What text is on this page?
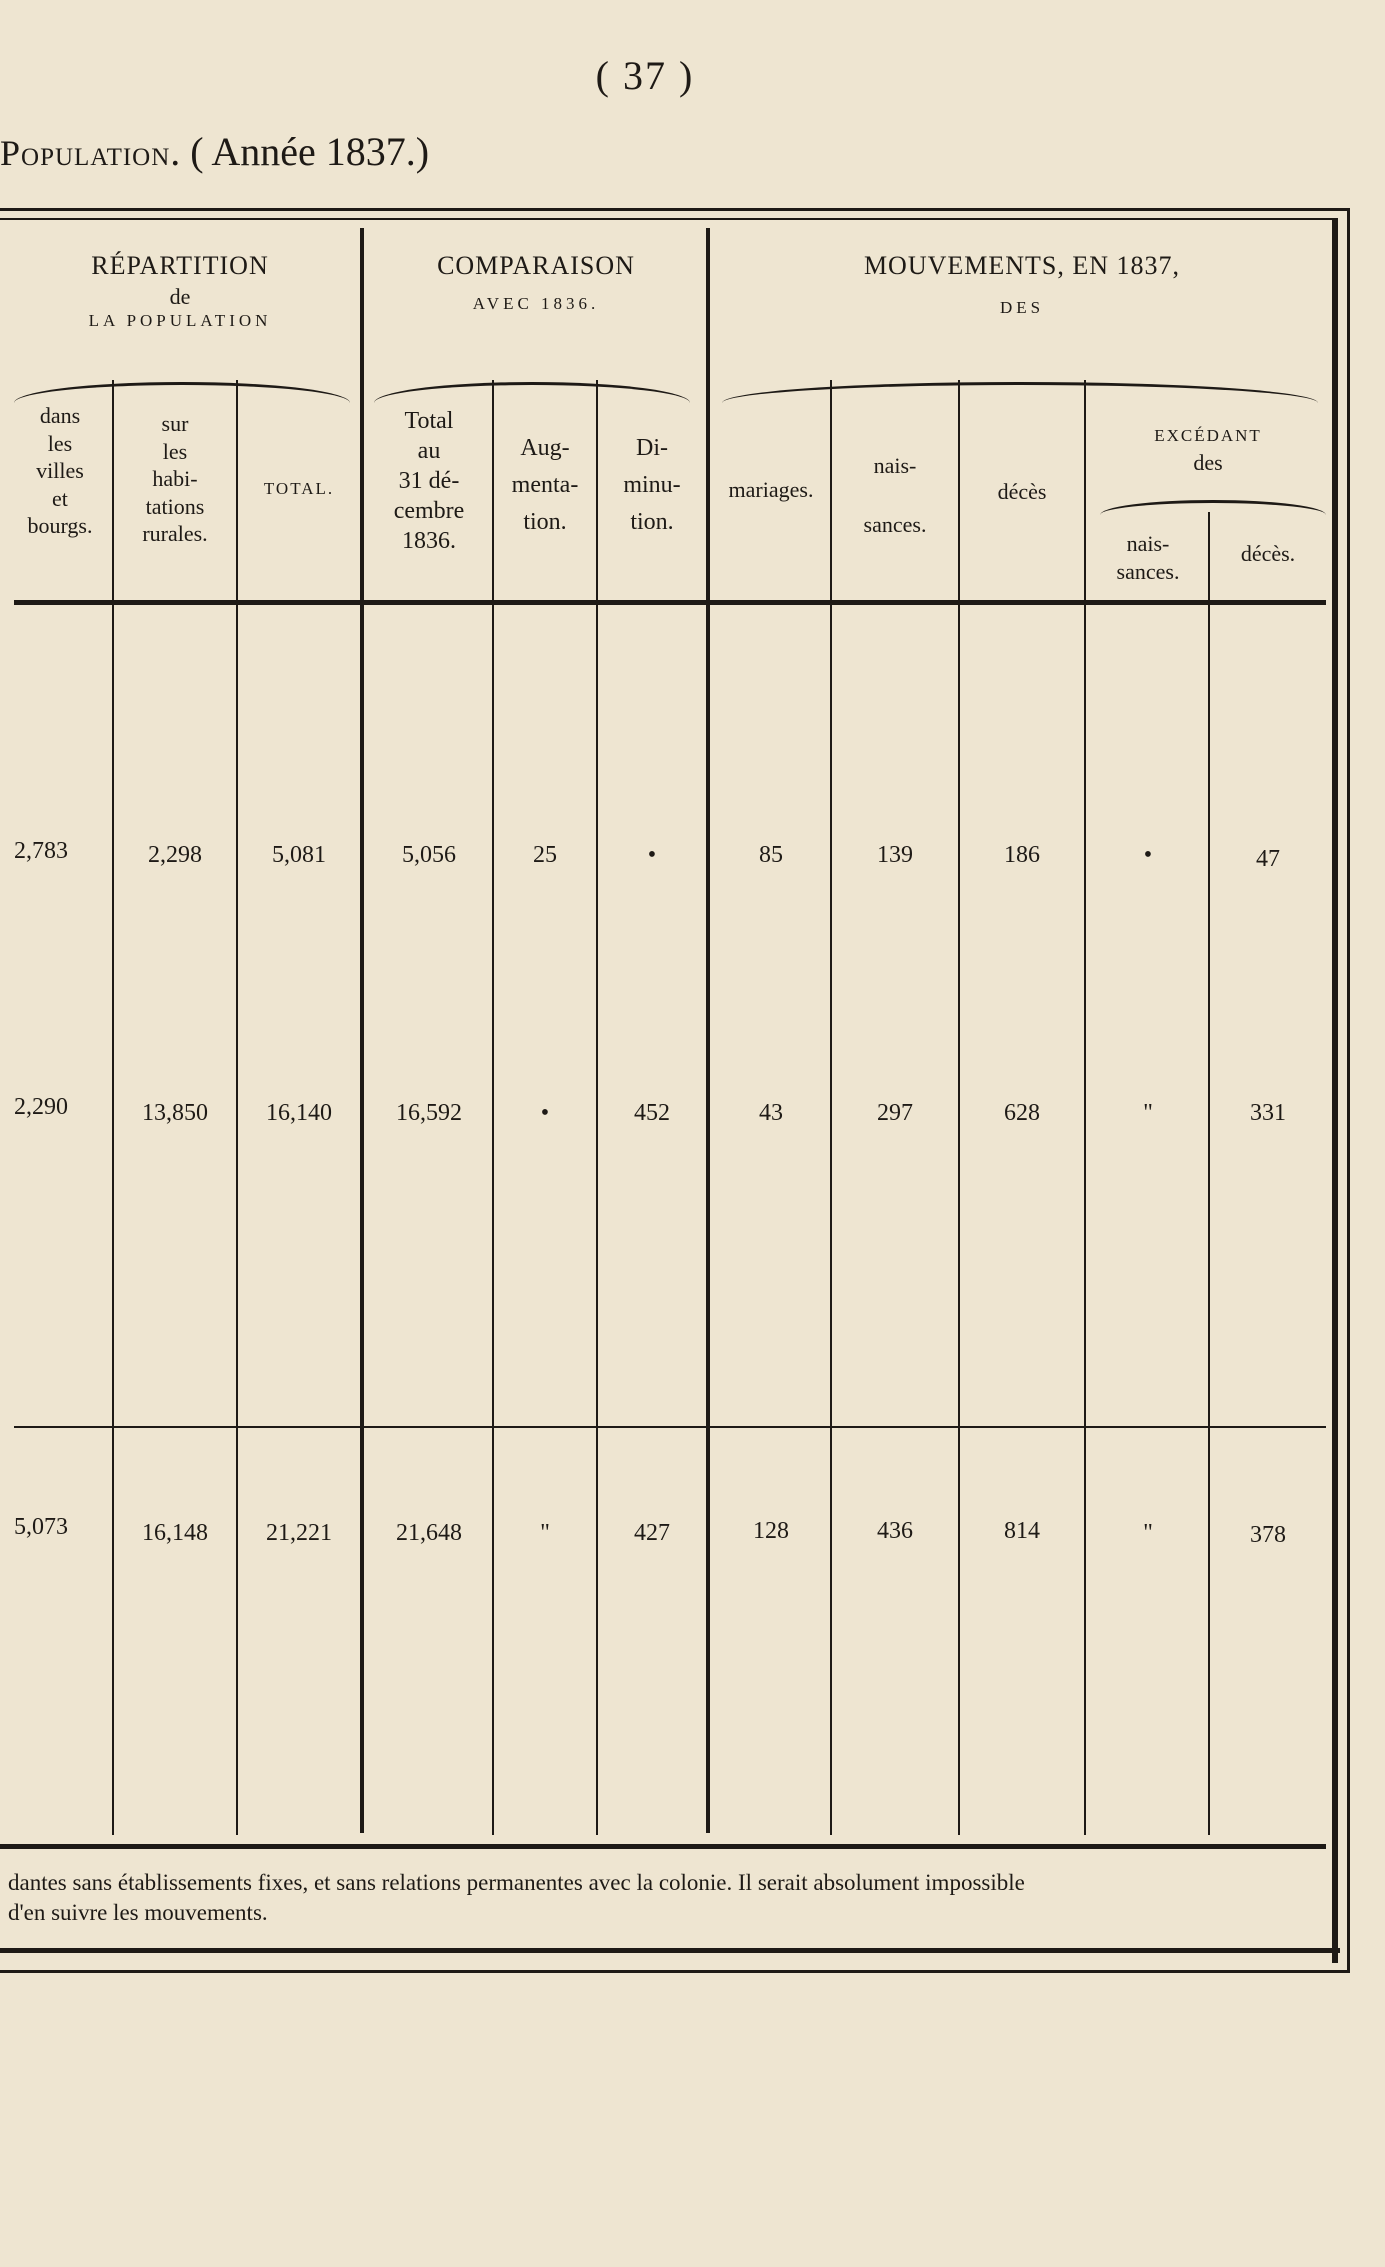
( 37 )
Population. ( Année 1837.)
RÉPARTITION
de
LA POPULATION
COMPARAISON
AVEC 1836.
MOUVEMENTS, EN 1837,
DES
dans
les
villes
et
bourgs.
sur
les
habi-
tations
rurales.
TOTAL.
Total
au
31 dé-
cembre
1836.
Aug-
menta-
tion.
Di-
minu-
tion.
mariages.
nais-
sances.
décès
EXCÉDANT
des
nais-
sances.
décès.
2,783	2,298	5,081	5,056	25	•	85	139	186	•	47
2,290	13,850	16,140	16,592	•	452	43	297	628	"	331
5,073	16,148	21,221	21,648	"	427	128	436	814	"	378
dantes sans établissements fixes, et sans relations permanentes avec la colonie. Il serait absolument impossible
d'en suivre les mouvements.
